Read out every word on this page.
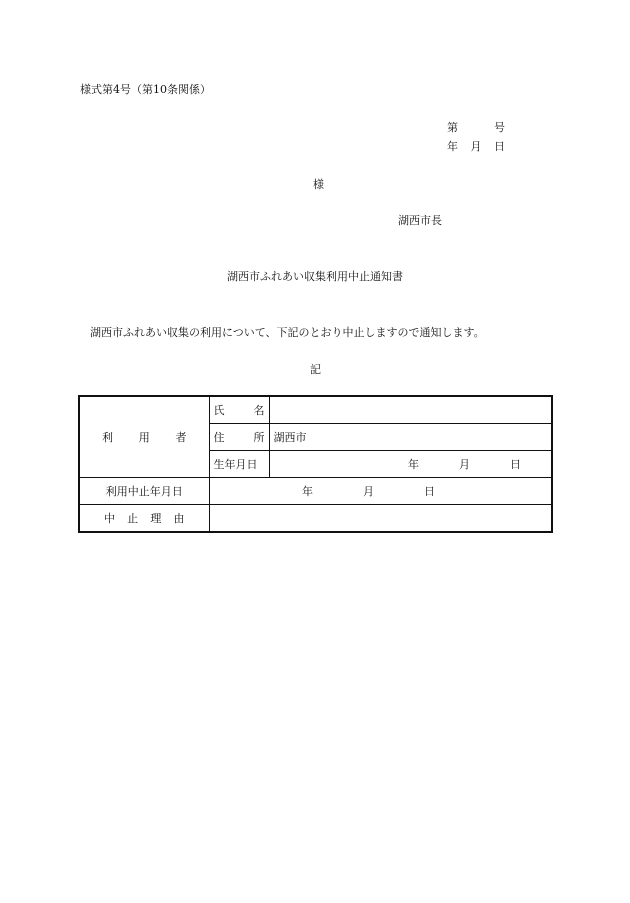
様式第4号（第10条関係）
第	号
年 月 日
様
湖西市長
湖西市ふれあい収集利用中止通知書
湖西市ふれあい収集の利用について、下記のとおり中止しますので通知します。
記
利 用 者	氏 名	

	住 所	湖西市
	生年月日	年 月 日

利用中止年月日	年 月 日	

中 止 理 由		
